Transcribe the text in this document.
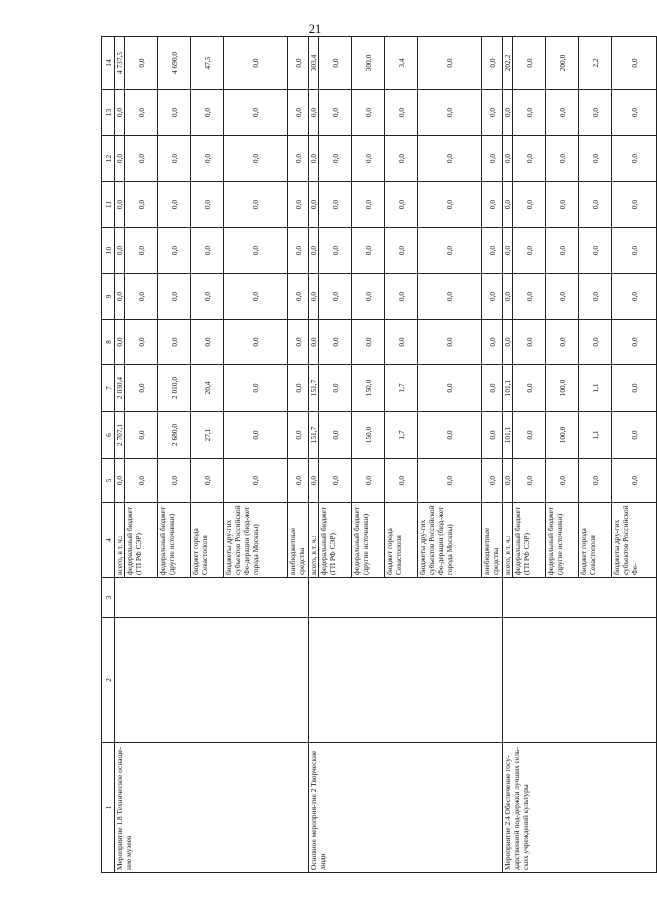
21
1	2	3	4	5	6	7	8	9	10	11	12	13	14
Мероприятие 1.8 Техническое оснаще-ние музеев			всего, в т. ч.:	0,0	2 707,1	2 030,4	0,0	0,0	0,0	0,0	0,0	0,0	4 737,5
			федеральный бюджет (ГП РФ СЭР)	0,0	0,0	0,0	0,0	0,0	0,0	0,0	0,0	0,0	0,0
			федеральный бюджет (другие источники)	0,0	2 680,0	2 010,0	0,0	0,0	0,0	0,0	0,0	0,0	4 690,0
			бюджет города Севастополя	0,0	27,1	20,4	0,0	0,0	0,0	0,0	0,0	0,0	47,5
			бюджеты дру-гих субъектов Российской Фе-дерации (бюд-жет города Москвы)	0,0	0,0	0,0	0,0	0,0	0,0	0,0	0,0	0,0	0,0
			внебюджетные средства	0,0	0,0	0,0	0,0	0,0	0,0	0,0	0,0	0,0	0,0
Основное мероприя-тие 2 Творческие люди			всего, в т. ч.:	0,0	151,7	151,7	0,0	0,0	0,0	0,0	0,0	0,0	303,4
			федеральный бюджет (ГП РФ СЭР)	0,0	0,0	0,0	0,0	0,0	0,0	0,0	0,0	0,0	0,0
			федеральный бюджет (другие источники)	0,0	150,0	150,0	0,0	0,0	0,0	0,0	0,0	0,0	300,0
			бюджет города Севастополя	0,0	1,7	1,7	0,0	0,0	0,0	0,0	0,0	0,0	3,4
			бюджеты дру-гих субъектов Российской Фе-дерации (бюд-жет города Москвы)	0,0	0,0	0,0	0,0	0,0	0,0	0,0	0,0	0,0	0,0
			внебюджетные средства	0,0	0,0	0,0	0,0	0,0	0,0	0,0	0,0	0,0	0,0
Мероприятие 2.4 Обеспечение госу-дарственной под-держки лучших сель-ских учреждений культуры			всего, в т. ч.:	0,0	101,1	101,1	0,0	0,0	0,0	0,0	0,0	0,0	202,2
			федеральный бюджет (ГП РФ СЭР)	0,0	0,0	0,0	0,0	0,0	0,0	0,0	0,0	0,0	0,0
			федеральный бюджет (другие источники)	0,0	100,0	100,0	0,0	0,0	0,0	0,0	0,0	0,0	200,0
			бюджет города Севастополя	0,0	1,1	1,1	0,0	0,0	0,0	0,0	0,0	0,0	2,2
			бюджеты дру-гих субъектов Российской Фе-	0,0	0,0	0,0	0,0	0,0	0,0	0,0	0,0	0,0	0,0
